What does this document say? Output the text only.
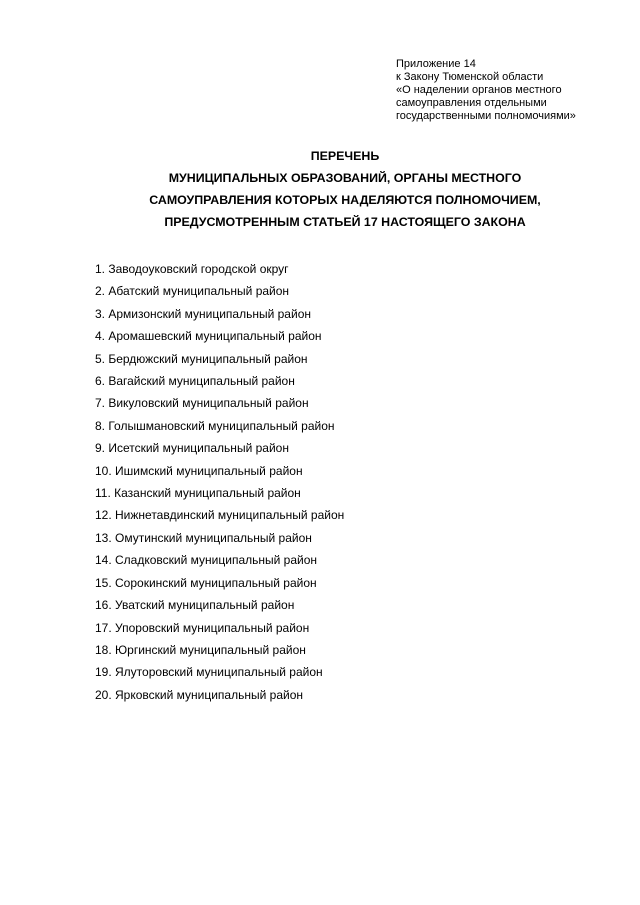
Приложение 14
к Закону Тюменской области
«О наделении органов местного
самоуправления отдельными
государственными полномочиями»
ПЕРЕЧЕНЬ
МУНИЦИПАЛЬНЫХ ОБРАЗОВАНИЙ, ОРГАНЫ МЕСТНОГО
САМОУПРАВЛЕНИЯ КОТОРЫХ НАДЕЛЯЮТСЯ ПОЛНОМОЧИЕМ,
ПРЕДУСМОТРЕННЫМ СТАТЬЕЙ 17 НАСТОЯЩЕГО ЗАКОНА
1. Заводоуковский городской округ
2. Абатский муниципальный район
3. Армизонский муниципальный район
4. Аромашевский муниципальный район
5. Бердюжский муниципальный район
6. Вагайский муниципальный район
7. Викуловский муниципальный район
8. Голышмановский муниципальный район
9. Исетский муниципальный район
10. Ишимский муниципальный район
11. Казанский муниципальный район
12. Нижнетавдинский муниципальный район
13. Омутинский муниципальный район
14. Сладковский муниципальный район
15. Сорокинский муниципальный район
16. Уватский муниципальный район
17. Упоровский муниципальный район
18. Юргинский муниципальный район
19. Ялуторовский муниципальный район
20. Ярковский муниципальный район
